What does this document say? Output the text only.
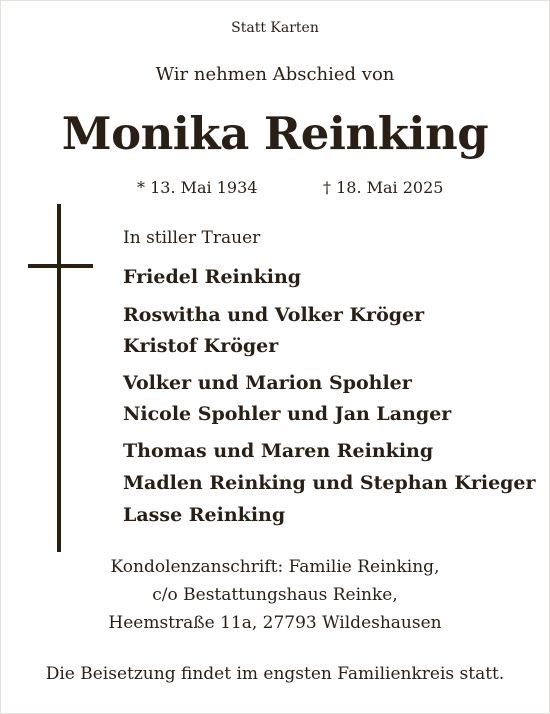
Statt Karten
Wir nehmen Abschied von
Monika Reinking
* 13. Mai 1934	† 18. Mai 2025
In stiller Trauer
Friedel Reinking
Roswitha und Volker Kröger
Kristof Kröger
Volker und Marion Spohler
Nicole Spohler und Jan Langer
Thomas und Maren Reinking
Madlen Reinking und Stephan Krieger
Lasse Reinking
Kondolenzanschrift: Familie Reinking,
c/o Bestattungshaus Reinke,
Heemstraße 11a, 27793 Wildeshausen
Die Beisetzung findet im engsten Familienkreis statt.
